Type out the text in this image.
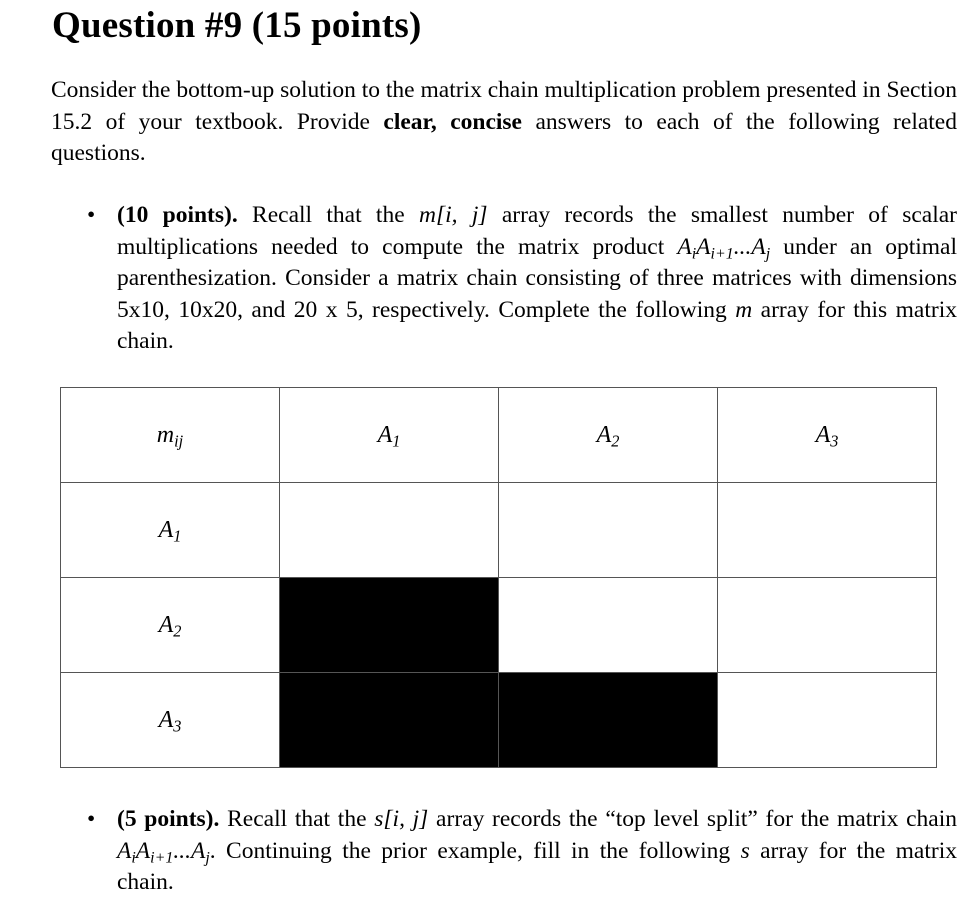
Question #9 (15 points)

Consider the bottom-up solution to the matrix chain multiplication problem presented in Section 15.2 of your textbook. Provide clear, concise answers to each of the following related questions.

• (10 points). Recall that the m[i, j] array records the smallest number of scalar multiplications needed to compute the matrix product $A_iA_{i+1}...A_j$ under an optimal parenthesization. Consider a matrix chain consisting of three matrices with dimensions 5x10, 10x20, and 20 x 5, respectively. Complete the following m array for this matrix chain.

$m_{ij}$	$A_1$	$A_2$	$A_3$
$A_1$			
$A_2$			
$A_3$			

• (5 points). Recall that the s[i, j] array records the “top level split” for the matrix chain $A_iA_{i+1}...A_j$. Continuing the prior example, fill in the following s array for the matrix chain.
